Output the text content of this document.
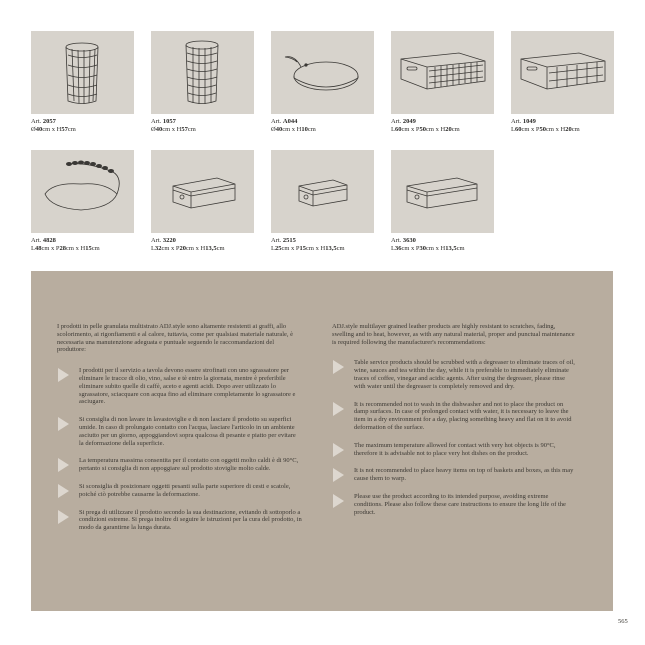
Art. 2057
Ø40cm x H57cm
Art. 1057
Ø40cm x H57cm
Art. A044
Ø40cm x H10cm
Art. 2049
L60cm x P50cm x H20cm
Art. 1049
L60cm x P50cm x H20cm
Art. 4828
L48cm x P28cm x H15cm
Art. 3220
L32cm x P20cm x H13,5cm
Art. 2515
L25cm x P15cm x H13,5cm
Art. 3630
L36cm x P30cm x H13,5cm

I prodotti in pelle granulata multistrato ADJ.style sono altamente resistenti ai graffi, allo scolorimento, ai rigonfiamenti e al calore, tuttavia, come per qualsiasi materiale naturale, è necessaria una manutenzione adeguata e puntuale seguendo le raccomandazioni del produttore:

I prodotti per il servizio a tavola devono essere strofinati con uno sgrassatore per eliminare le tracce di olio, vino, salse e tè entro la giornata, mentre è preferibile eliminare subito quelle di caffè, aceto e agenti acidi. Dopo aver utilizzato lo sgrassatore, sciacquare con acqua fino ad eliminare completamente lo sgrassatore e asciugare.

Si consiglia di non lavare in lavastoviglie e di non lasciare il prodotto su superfici umide. In caso di prolungato contatto con l'acqua, lasciare l'articolo in un ambiente asciutto per un giorno, appoggiandovi sopra qualcosa di pesante e piatto per evitare la deformazione della superficie.

La temperatura massima consentita per il contatto con oggetti molto caldi è di 90°C, pertanto si consiglia di non appoggiare sul prodotto stoviglie molto calde.

Si sconsiglia di posizionare oggetti pesanti sulla parte superiore di cesti e scatole, poiché ciò potrebbe causarne la deformazione.

Si prega di utilizzare il prodotto secondo la sua destinazione, evitando di sottoporlo a condizioni estreme. Si prega inoltre di seguire le istruzioni per la cura del prodotto, in modo da garantirne la lunga durata.

ADJ.style multilayer grained leather products are highly resistant to scratches, fading, swelling and to heat, however, as with any natural material, proper and punctual maintenance is required following the manufacturer's recommendations:

Table service products should be scrubbed with a degreaser to eliminate traces of oil, wine, sauces and tea within the day, while it is preferable to immediately eliminate traces of coffee, vinegar and acidic agents. After using the degreaser, please rinse with water until the degreaser is completely removed and dry.

It is recommended not to wash in the dishwasher and not to place the product on damp surfaces. In case of prolonged contact with water, it is necessary to leave the item in a dry environment for a day, placing something heavy and flat on it to avoid deformation of the surface.

The maximum temperature allowed for contact with very hot objects is 90°C, therefore it is advisable not to place very hot dishes on the product.

It is not recommended to place heavy items on top of baskets and boxes, as this may cause them to warp.

Please use the product according to its intended purpose, avoiding extreme conditions. Please also follow these care instructions to ensure the long life of the product.

565
